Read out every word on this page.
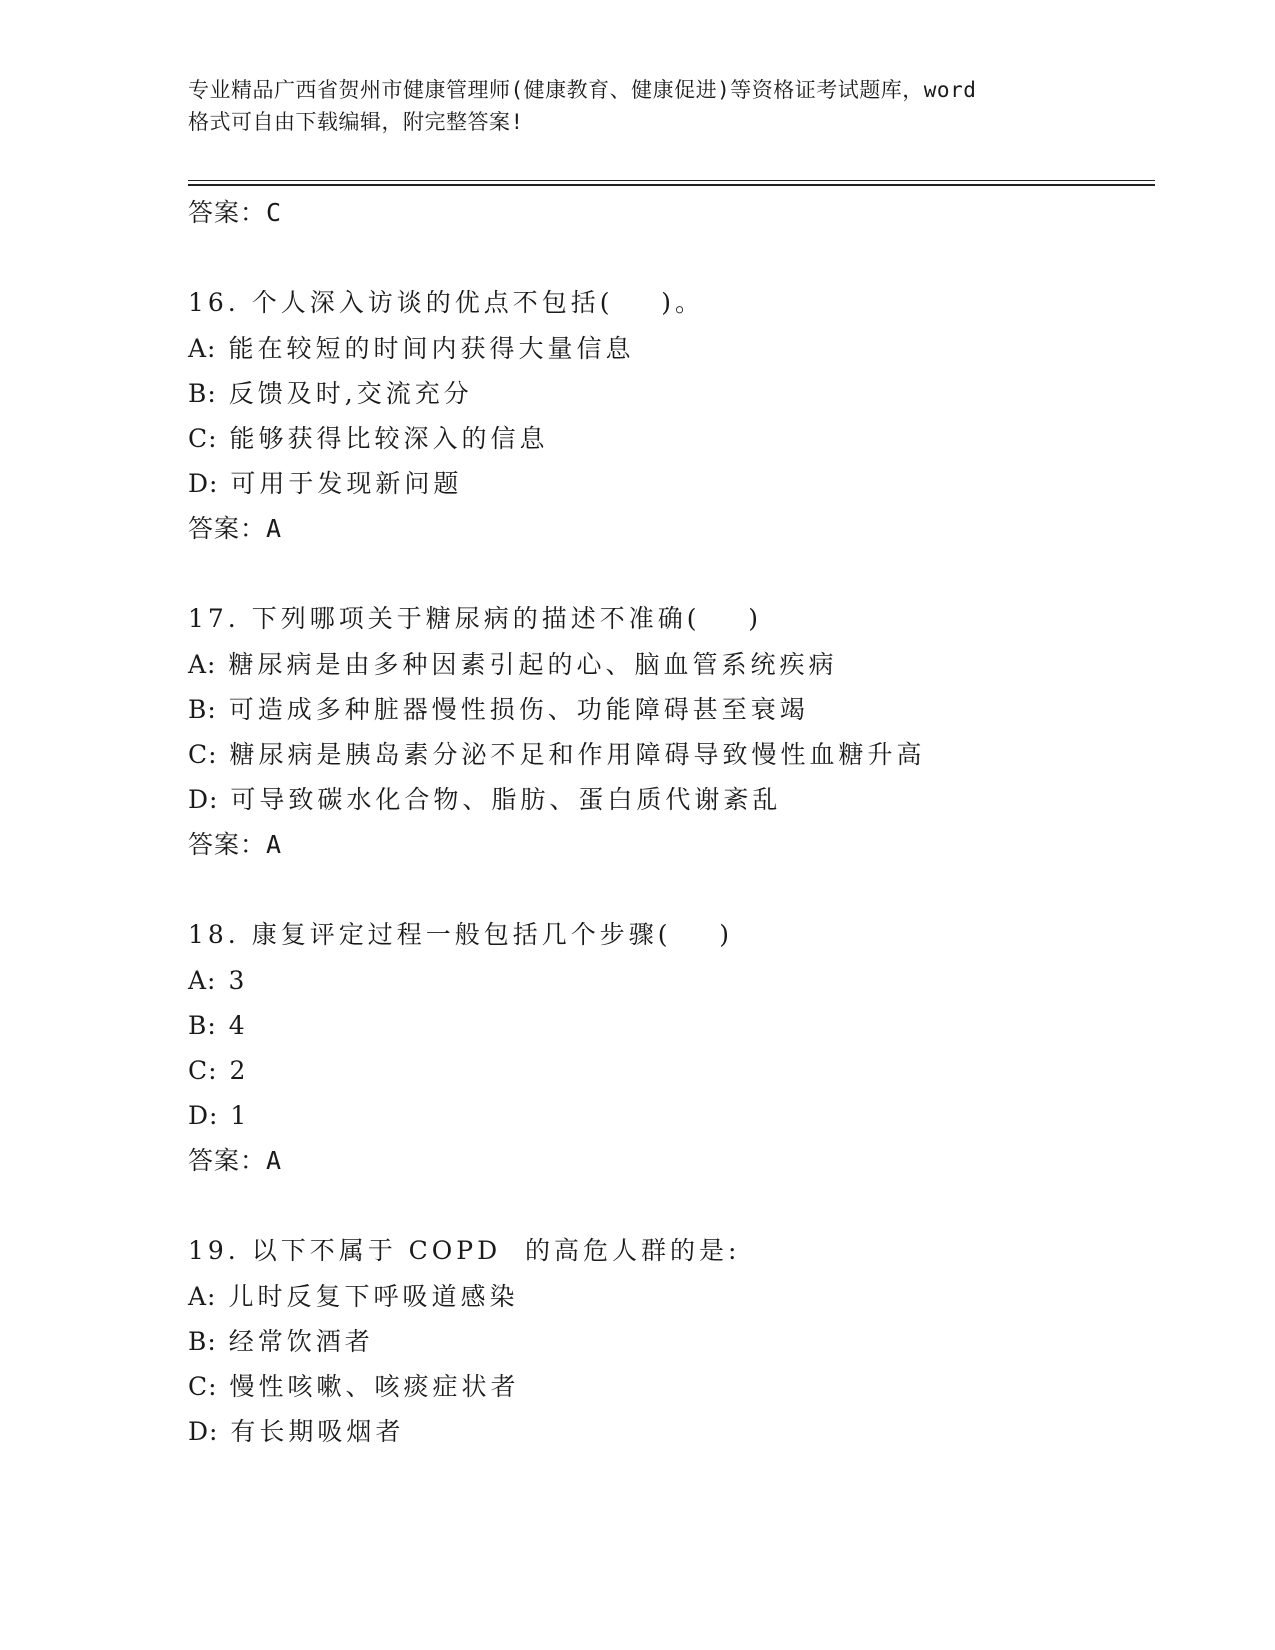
专业精品广西省贺州市健康管理师(健康教育、健康促进)等资格证考试题库，word
格式可自由下载编辑，附完整答案!
答案：C
16. 个人深入访谈的优点不包括(    )。
A: 能在较短的时间内获得大量信息
B: 反馈及时,交流充分
C: 能够获得比较深入的信息
D: 可用于发现新问题
答案：A
17. 下列哪项关于糖尿病的描述不准确(    )
A: 糖尿病是由多种因素引起的心、脑血管系统疾病
B: 可造成多种脏器慢性损伤、功能障碍甚至衰竭
C: 糖尿病是胰岛素分泌不足和作用障碍导致慢性血糖升高
D: 可导致碳水化合物、脂肪、蛋白质代谢紊乱
答案：A
18. 康复评定过程一般包括几个步骤(    )
A: 3
B: 4
C: 2
D: 1
答案：A
19. 以下不属于 COPD  的高危人群的是:
A: 儿时反复下呼吸道感染
B: 经常饮酒者
C: 慢性咳嗽、咳痰症状者
D: 有长期吸烟者
